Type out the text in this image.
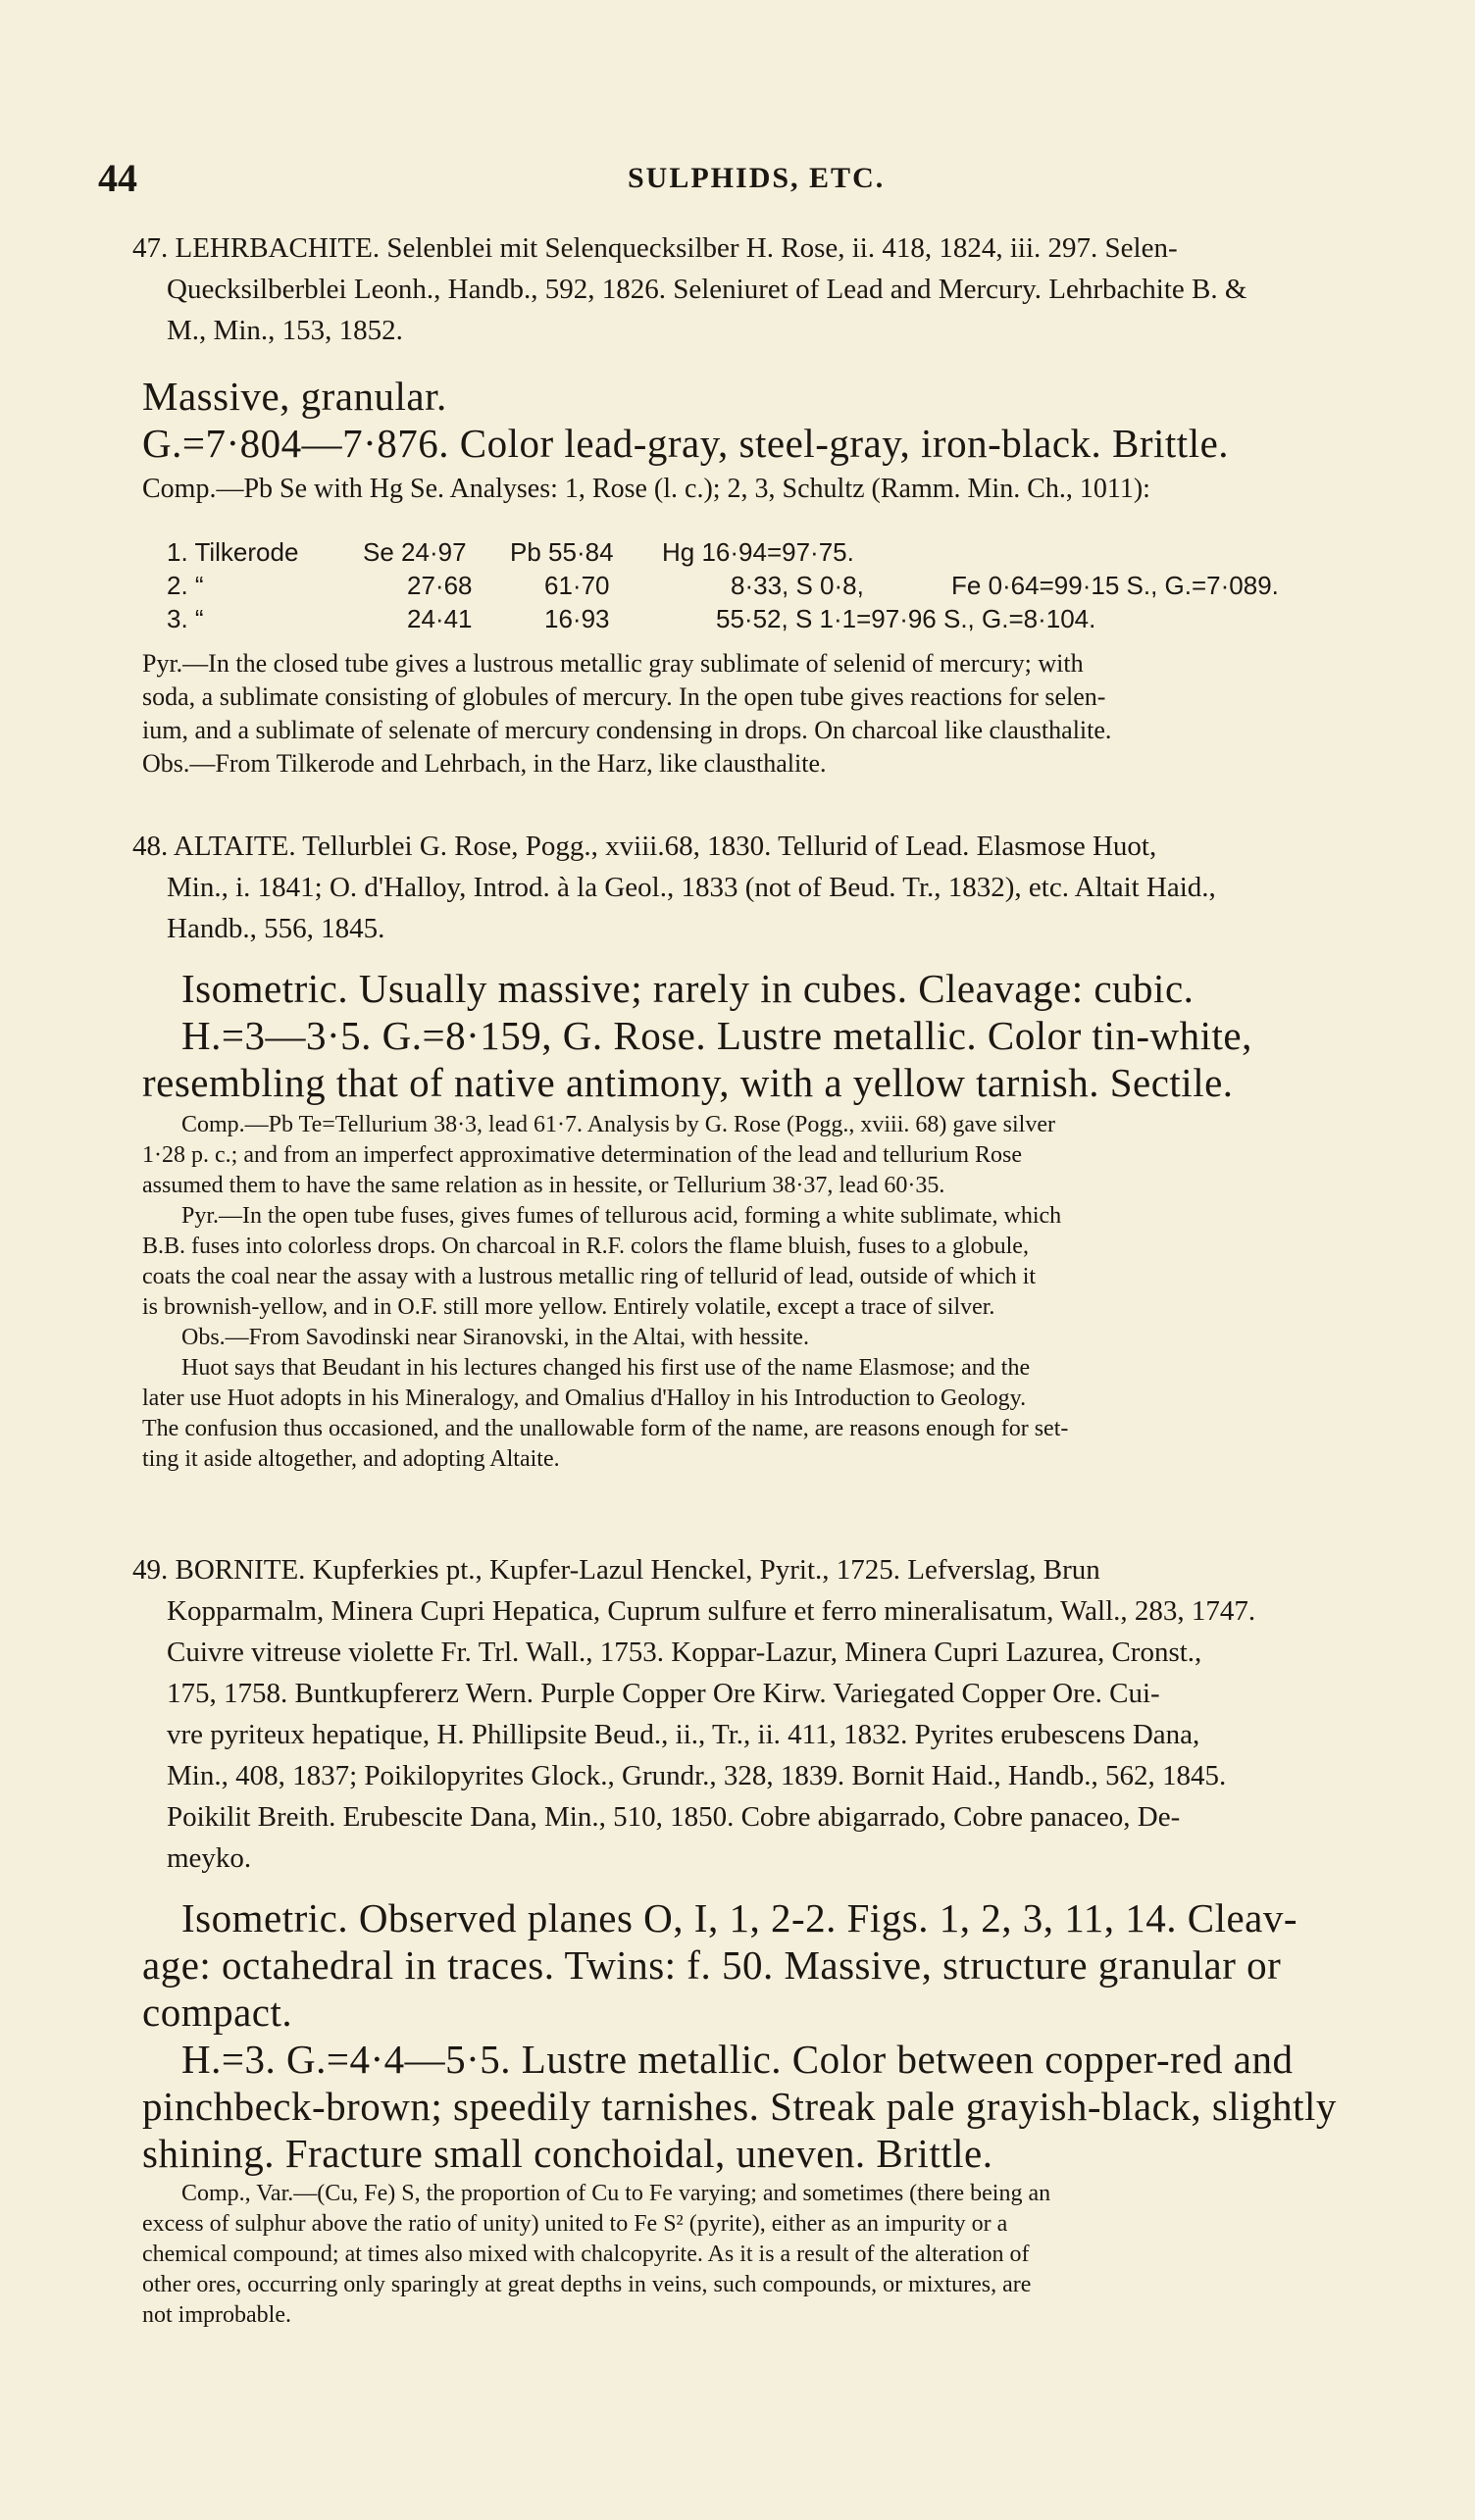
44	SULPHIDS, ETC.

47. LEHRBACHITE. Selenblei mit Selenquecksilber H. Rose, ii. 418, 1824, iii. 297. Selen-

Quecksilberblei Leonh., Handb., 592, 1826. Seleniuret of Lead and Mercury. Lehrbachite B. &

M., Min., 153, 1852.

Massive, granular.

G.=7·804—7·876. Color lead-gray, steel-gray, iron-black. Brittle.

Comp.—Pb Se with Hg Se. Analyses: 1, Rose (l. c.); 2, 3, Schultz (Ramm. Min. Ch., 1011):
1. Tilkerode	Se 24·97 Pb 55·84 Hg 16·94=97·75.
2. “	27·68	61·70	8·33, S 0·8,	Fe 0·64=99·15 S., G.=7·089.
3. “	24·41	16·93	55·52, S 1·1=97·96 S., G.=8·104.

Pyr.—In the closed tube gives a lustrous metallic gray sublimate of selenid of mercury; with

soda, a sublimate consisting of globules of mercury. In the open tube gives reactions for selen-

ium, and a sublimate of selenate of mercury condensing in drops. On charcoal like clausthalite.

Obs.—From Tilkerode and Lehrbach, in the Harz, like clausthalite.

48. ALTAITE. Tellurblei G. Rose, Pogg., xviii.68, 1830. Tellurid of Lead. Elasmose Huot,

Min., i. 1841; O. d'Halloy, Introd. à la Geol., 1833 (not of Beud. Tr., 1832), etc. Altait Haid.,

Handb., 556, 1845.

Isometric. Usually massive; rarely in cubes. Cleavage: cubic.

H.=3—3·5. G.=8·159, G. Rose. Lustre metallic. Color tin-white,

resembling that of native antimony, with a yellow tarnish. Sectile.

Comp.—Pb Te=Tellurium 38·3, lead 61·7. Analysis by G. Rose (Pogg., xviii. 68) gave silver

1·28 p. c.; and from an imperfect approximative determination of the lead and tellurium Rose

assumed them to have the same relation as in hessite, or Tellurium 38·37, lead 60·35.

Pyr.—In the open tube fuses, gives fumes of tellurous acid, forming a white sublimate, which

B.B. fuses into colorless drops. On charcoal in R.F. colors the flame bluish, fuses to a globule,

coats the coal near the assay with a lustrous metallic ring of tellurid of lead, outside of which it

is brownish-yellow, and in O.F. still more yellow. Entirely volatile, except a trace of silver.

Obs.—From Savodinski near Siranovski, in the Altai, with hessite.

Huot says that Beudant in his lectures changed his first use of the name Elasmose; and the

later use Huot adopts in his Mineralogy, and Omalius d'Halloy in his Introduction to Geology.

The confusion thus occasioned, and the unallowable form of the name, are reasons enough for set-

ting it aside altogether, and adopting Altaite.

49. BORNITE. Kupferkies pt., Kupfer-Lazul Henckel, Pyrit., 1725. Lefverslag, Brun

Kopparmalm, Minera Cupri Hepatica, Cuprum sulfure et ferro mineralisatum, Wall., 283, 1747.

Cuivre vitreuse violette Fr. Trl. Wall., 1753. Koppar-Lazur, Minera Cupri Lazurea, Cronst.,

175, 1758. Buntkupfererz Wern. Purple Copper Ore Kirw. Variegated Copper Ore. Cui-

vre pyriteux hepatique, H. Phillipsite Beud., ii., Tr., ii. 411, 1832. Pyrites erubescens Dana,

Min., 408, 1837; Poikilopyrites Glock., Grundr., 328, 1839. Bornit Haid., Handb., 562, 1845.

Poikilit Breith. Erubescite Dana, Min., 510, 1850. Cobre abigarrado, Cobre panaceo, De-

meyko.

Isometric. Observed planes O, I, 1, 2-2. Figs. 1, 2, 3, 11, 14. Cleav-

age: octahedral in traces. Twins: f. 50. Massive, structure granular or

compact.

H.=3. G.=4·4—5·5. Lustre metallic. Color between copper-red and

pinchbeck-brown; speedily tarnishes. Streak pale grayish-black, slightly

shining. Fracture small conchoidal, uneven. Brittle.

Comp., Var.—(Cu, Fe) S, the proportion of Cu to Fe varying; and sometimes (there being an

excess of sulphur above the ratio of unity) united to Fe S² (pyrite), either as an impurity or a

chemical compound; at times also mixed with chalcopyrite. As it is a result of the alteration of

other ores, occurring only sparingly at great depths in veins, such compounds, or mixtures, are

not improbable.
